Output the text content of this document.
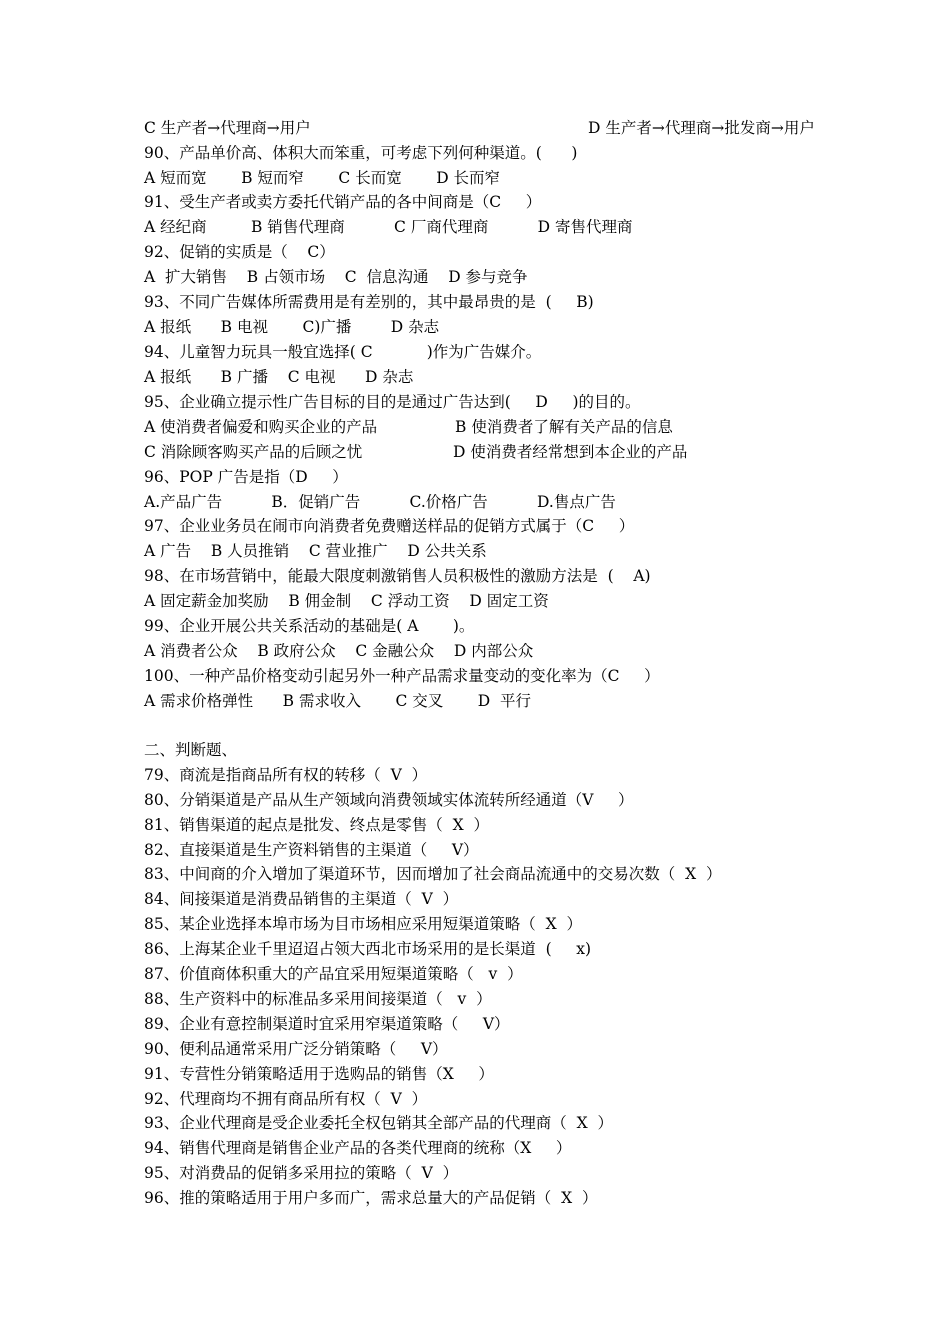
C 生产者→代理商→用户	D 生产者→代理商→批发商→用户
90、产品单价高、体积大而笨重，可考虑下列何种渠道。(      )
A 短而宽       B 短而窄       C 长而宽       D 长而窄
91、受生产者或卖方委托代销产品的各中间商是（C     ）
A 经纪商         B 销售代理商          C 厂商代理商          D 寄售代理商
92、促销的实质是（    C）
A  扩大销售    B 占领市场    C  信息沟通    D 参与竞争
93、不同广告媒体所需费用是有差别的，其中最昂贵的是  (     B)
A 报纸      B 电视       C)广播        D 杂志
94、儿童智力玩具一般宜选择( C           )作为广告媒介。
A 报纸      B 广播    C 电视      D 杂志
95、企业确立提示性广告目标的目的是通过广告达到(     D     )的目的。
A 使消费者偏爱和购买企业的产品	B 使消费者了解有关产品的信息
C 消除顾客购买产品的后顾之忧	D 使消费者经常想到本企业的产品
96、POP 广告是指（D     ）
A.产品广告          B．促销广告          C.价格广告          D.售点广告
97、企业业务员在闹市向消费者免费赠送样品的促销方式属于（C     ）
A 广告    B 人员推销    C 营业推广    D 公共关系
98、在市场营销中，能最大限度刺激销售人员积极性的激励方法是  (    A)
A 固定薪金加奖励    B 佣金制    C 浮动工资    D 固定工资
99、企业开展公共关系活动的基础是( A       )。
A 消费者公众    B 政府公众    C 金融公众    D 内部公众
100、一种产品价格变动引起另外一种产品需求量变动的变化率为（C     ）
A 需求价格弹性      B 需求收入       C 交叉       D  平行
二、判断题、
79、商流是指商品所有权的转移（  V  ）
80、分销渠道是产品从生产领域向消费领域实体流转所经通道（V     ）
81、销售渠道的起点是批发、终点是零售（  X  ）
82、直接渠道是生产资料销售的主渠道（     V）
83、中间商的介入增加了渠道环节，因而增加了社会商品流通中的交易次数（  X  ）
84、间接渠道是消费品销售的主渠道（  V  ）
85、某企业选择本埠市场为目市场相应采用短渠道策略（  X  ）
86、上海某企业千里迢迢占领大西北市场采用的是长渠道  (     x)
87、价值商体积重大的产品宜采用短渠道策略（   v  ）
88、生产资料中的标准品多采用间接渠道（   v  ）
89、企业有意控制渠道时宜采用窄渠道策略（     V）
90、便利品通常采用广泛分销策略（     V）
91、专营性分销策略适用于选购品的销售（X     ）
92、代理商均不拥有商品所有权（  V  ）
93、企业代理商是受企业委托全权包销其全部产品的代理商（  X  ）
94、销售代理商是销售企业产品的各类代理商的统称（X     ）
95、对消费品的促销多采用拉的策略（  V  ）
96、推的策略适用于用户多而广，需求总量大的产品促销（  X  ）
